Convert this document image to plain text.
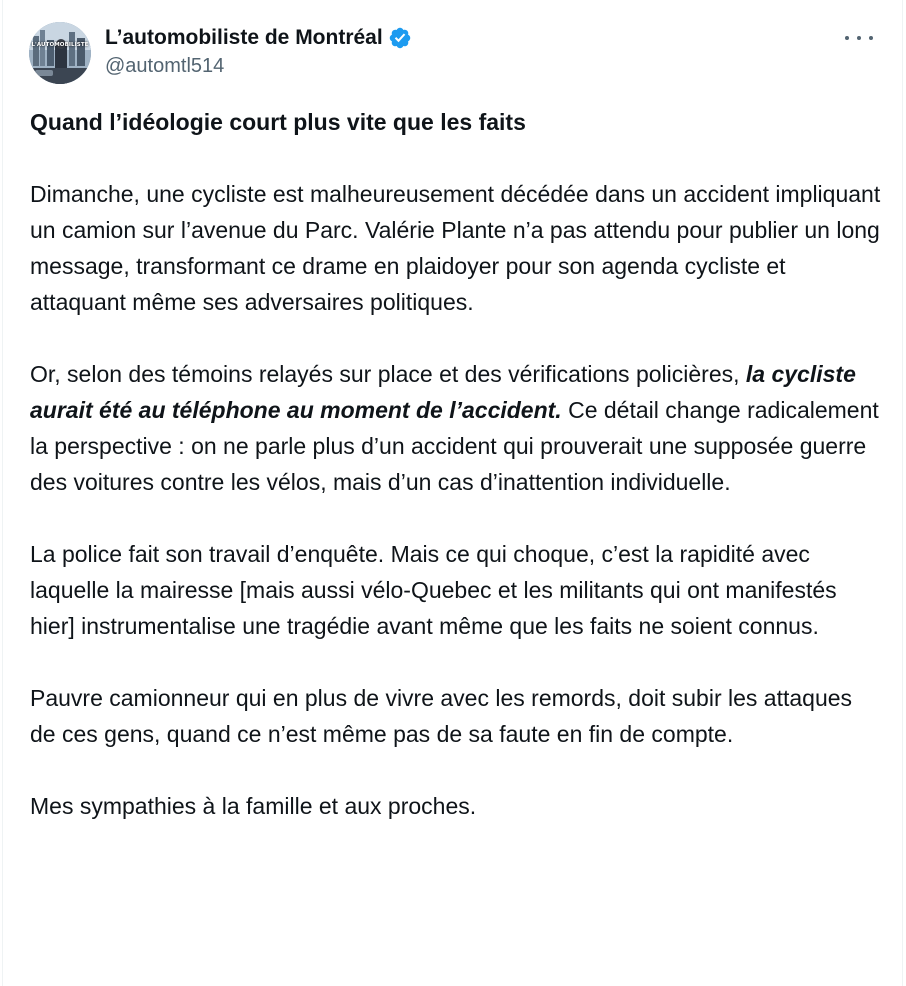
L'AUTOMOBILISTE L’automobiliste de Montréal
@automtl514

Quand l’idéologie court plus vite que les faits

Dimanche, une cycliste est malheureusement décédée dans un accident impliquant un camion sur l’avenue du Parc. Valérie Plante n’a pas attendu pour publier un long message, transformant ce drame en plaidoyer pour son agenda cycliste et attaquant même ses adversaires politiques.

Or, selon des témoins relayés sur place et des vérifications policières, la cycliste aurait été au téléphone au moment de l’accident. Ce détail change radicalement la perspective : on ne parle plus d’un accident qui prouverait une supposée guerre des voitures contre les vélos, mais d’un cas d’inattention individuelle.

La police fait son travail d’enquête. Mais ce qui choque, c’est la rapidité avec laquelle la mairesse [mais aussi vélo-Quebec et les militants qui ont manifestés hier] instrumentalise une tragédie avant même que les faits ne soient connus.

Pauvre camionneur qui en plus de vivre avec les remords, doit subir les attaques de ces gens, quand ce n’est même pas de sa faute en fin de compte.

Mes sympathies à la famille et aux proches.
